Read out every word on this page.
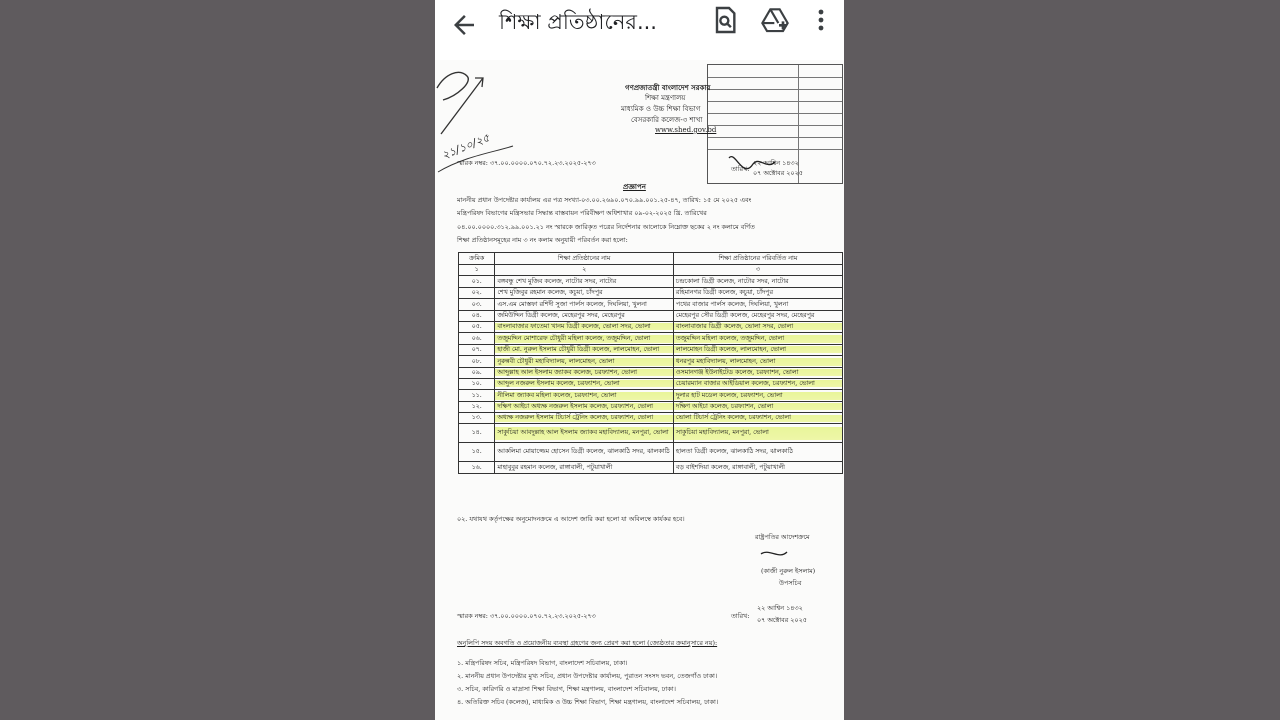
শিক্ষা প্রতিষ্ঠানের...
২১/১০/২৫
গণপ্রজাতন্ত্রী বাংলাদেশ সরকার
শিক্ষা মন্ত্রণালয়
মাধ্যমিক ও উচ্চ শিক্ষা বিভাগ
বেসরকারি কলেজ-৩ শাখা
www.shed.gov.bd
স্মারক নম্বর: ৩৭.০০.০০০০.০৭০.৭২.২৩.২০২৫-২৭৩	২২ আশ্বিন ১৪৩২
তারিখ: ০৭ অক্টোবর ২০২৫
প্রজ্ঞাপন
মাননীয় প্রধান উপদেষ্টার কার্যালয় এর পত্র সংখ্যা-০৩.০০.২৬৯০.০৭০.৯৯.০০১.২৫-৪৭, তারিখ: ১৫ মে ২০২৫ এবং
মন্ত্রিপরিষদ বিভাগের মন্ত্রিসভার সিদ্ধান্ত বাস্তবায়ন পরিবীক্ষণ অধিশাখার ০৯-০২-২০২৫ খ্রি. তারিখের
০৪.০০.০০০০.৩১২.৯৯.০০১.২১ নং স্মারকে জারিকৃত পত্রের নির্দেশনার আলোকে নিম্নোক্ত ছকের ২ নং কলামে বর্ণিত
শিক্ষা প্রতিষ্ঠানসমূহের নাম ৩ নং কলাম অনুযায়ী পরিবর্তন করা হলো:
ক্রমিক	শিক্ষা প্রতিষ্ঠানের নাম	শিক্ষা প্রতিষ্ঠানের পরিবর্তিত নাম
১	২	৩
০১.	বঙ্গবন্ধু শেখ মুজিব কলেজ, নাটোর সদর, নাটোর	চন্দ্রকোলা ডিগ্রী কলেজ, নাটোর সদর, নাটোর
০২.	শেখ মুজিবুর রহমান কলেজ, কচুয়া, চাঁদপুর	রহিমানগর ডিগ্রী কলেজ, কচুয়া, চাঁদপুর
০৩.	এস.এম মোস্তফা রশিদী সুজা পার্লস কলেজ, দিঘলিয়া, খুলনা	পথের বাজার পার্লস কলেজ, দিঘলিয়া, খুলনা
০৪.	জমিউদ্দিন ডিগ্রী কলেজ, মেহেরপুর সদর, মেহেরপুর	মেহেরপুর সৌর ডিগ্রী কলেজ, মেহেরপুর সদর, মেহেরপুর
০৫.	বাংলাবাজার ফাতেমা খানম ডিগ্রী কলেজ, ভোলা সদর, ভোলা	বাংলাবাজার ডিগ্রী কলেজ, ভোলা সদর, ভোলা
০৬.	তজুমদ্দিন মোশারেফ চৌধুরী মহিলা কলেজ, তজুমদ্দিন, ভোলা	তজুমদ্দিন মহিলা কলেজ, তজুমদ্দিন, ভোলা
০৭.	হাজী মো. নুরুল ইসলাম চৌধুরী ডিগ্রী কলেজ, লালমোহন, ভোলা	লালমোহন ডিগ্রী কলেজ, লালমোহন, ভোলা
০৮.	নুরুন্নবী চৌধুরী মহাবিদ্যালয়, লালমোহন, ভোলা	ধনরপুর মহাবিদ্যালয়, লালমোহন, ভোলা
০৯.	আব্দুল্লাহ আল ইসলাম জ্যাকব কলেজ, চরফ্যাশন, ভোলা	ওসমানগঞ্জ ইউনাইটেড কলেজ, চরফ্যাশন, ভোলা
১০.	আব্দুল নজরুল ইসলাম কলেজ, চরফ্যাশন, ভোলা	চেয়ারম্যান বাজার আইডিয়াল কলেজ, চরফ্যাশন, ভোলা
১১.	নীলিমা জ্যাকব মহিলা কলেজ, চরফ্যাশন, ভোলা	দুলার হাট মডেল কলেজ, চরফ্যাশন, ভোলা
১২.	দক্ষিণ আইচা অধ্যক্ষ নজরুল ইসলাম কলেজ, চরফ্যাশন, ভোলা	দক্ষিণ আইচা কলেজ, চরফ্যাশন, ভোলা
১৩.	অধ্যক্ষ নজরুল ইসলাম টিচার্স ট্রেনিং কলেজ, চরফ্যাশন, ভোলা	ভোলা টিচার্স ট্রেনিং কলেজ, চরফ্যাশন, ভোলা
১৪.	সাকুচিয়া আবদুল্লাহ আল ইসলাম জ্যাকব মহাবিদ্যালয়, মনপুরা, ভোলা	সাকুচিয়া মহাবিদ্যালয়, মনপুরা, ভোলা
১৫.	আকলিমা মোয়াজ্জেম হোসেন ডিগ্রী কলেজ, ঝালকাঠি সদর, ঝালকাঠি	হালতা ডিগ্রী কলেজ, ঝালকাঠি সদর, ঝালকাঠি
১৬.	মাহাবুবুর রহমান কলেজ, রাঙ্গাবালী, পটুয়াখালী	বড় বাইশদিয়া কলেজ, রাঙ্গাবালী, পটুয়াখালী
০২. যথাযথ কর্তৃপক্ষের অনুমোদনক্রমে এ আদেশ জারি করা হলো যা অবিলম্বে কার্যকর হবে।
রাষ্ট্রপতির আদেশক্রমে
(কাজী নুরুল ইসলাম)
উপসচিব
স্মারক নম্বর: ৩৭.০০.০০০০.০৭০.৭২.২৩.২০২৫-২৭৩	তারিখ:
২২ আশ্বিন ১৪৩২
০৭ অক্টোবর ২০২৫
অনুলিপি সদয় অবগতি ও প্রয়োজনীয় ব্যবস্থা গ্রহণের জন্য প্রেরণ করা হলো (জ্যেষ্ঠতার ক্রমানুসারে নয়):
১. মন্ত্রিপরিষদ সচিব, মন্ত্রিপরিষদ বিভাগ, বাংলাদেশ সচিবালয়, ঢাকা।
২. মাননীয় প্রধান উপদেষ্টার মুখ্য সচিব, প্রধান উপদেষ্টার কার্যালয়, পুরাতন সংসদ ভবন, তেজগাঁও ঢাকা।
৩. সচিব, কারিগরি ও মাদ্রাসা শিক্ষা বিভাগ, শিক্ষা মন্ত্রণালয়, বাংলাদেশ সচিবালয়, ঢাকা।
৪. অতিরিক্ত সচিব (কলেজ), মাধ্যমিক ও উচ্চ শিক্ষা বিভাগ, শিক্ষা মন্ত্রণালয়, বাংলাদেশ সচিবালয়, ঢাকা।
